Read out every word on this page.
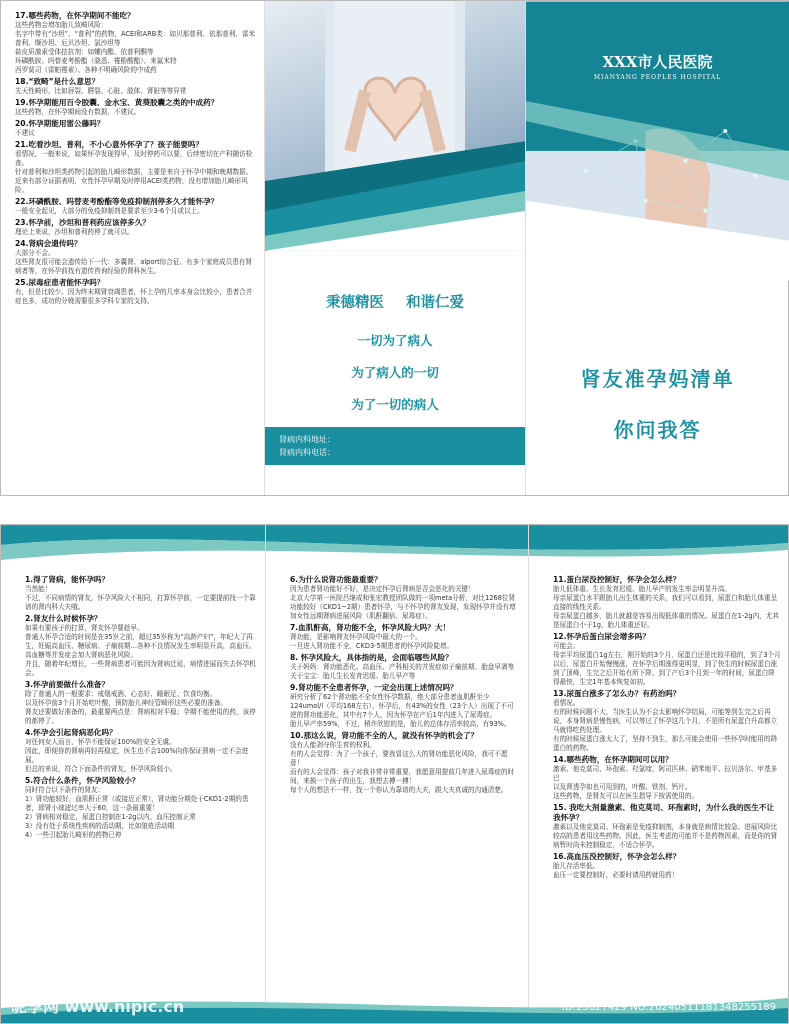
17.哪些药物，在怀孕期间不能吃？
这些药物会增加胎儿致畸风险：
名字中带有“沙坦”、“普利”的药物，ACEI和ARB类：如贝那普利、依那普利、雷米普利、缬沙坦、厄贝沙坦、氯沙坦等
盐皮质激素受体拮抗剂：如螺内酯、依普利酮等
环磷酰胺、吗替麦考酚酯（骁悉、霉酚酸酯）、来氟米特
西罗莫司（雷帕霉素）、各种不明确风险的中成药
18.“致畸”是什么意思？
先天性畸形，比如唇裂、腭裂、心脏、肢体、肾脏等等异常
19.怀孕期能用百令胶囊、金水宝、黄葵胶囊之类的中成药？
这些药物，在怀孕期间没有数据，不建议。
20.怀孕期能用雷公藤吗？
不建议
21.吃着沙坦、普利，不小心意外怀孕了？孩子能要吗？
看情况，一般来说，如果怀孕发现得早，及时停药可以要，后续密切在产科随访检查。
针对普利和沙坦类药物引起的胎儿畸形数据，主要是来自于怀孕中期和晚期数据。
近来有部分证据表明，女性怀孕早期及时停用ACEI类药物，没有增加胎儿畸形风险。
22.环磷酰胺、吗替麦考酚酯等免疫抑制剂停多久才能怀孕？
一般安全起见，大部分的免疫抑制剂是要求至少3-6个月或以上。
23.怀孕前，沙坦和普利药应该停多久？
理论上来说，沙坦和普利药停了就可以。
24.肾病会遗传吗？
大部分不会。
这些肾友很可能会遗传给下一代：多囊肾、alport综合征、有多个家庭成员患有肾病者等，在怀孕前找有遗传咨询经验的肾科医生。
25.尿毒症患者能怀孕吗？
有，但是比较少。因为终末期肾衰竭患者，怀上孕的几率本身会比较小，患者合并症也多，成功的分娩需要很多学科专家的支持。	秉德精医 和谐仁爱
一切为了病人
为了病人的一切
为了一切的病人
肾病内科地址：
肾病内科电话：
XXX市人民医院
MIANYANG PEOPLES HOSPITAL
肾友准孕妈清单
你问我答
1.得了肾病，能怀孕吗？
当然能！
不过，不同病情的肾友，怀孕风险大不相同，打算怀孕前，一定要提前找一个靠谱的肾内科大夫哦。
2.肾友什么时候怀孕？
如果有要孩子的打算，肾友怀孕要趁早。
普通人怀孕合适的时间是在35岁之前，超过35岁称为“高龄产妇”，年纪大了再生，妊娠高血压、糖尿病、子痫前期…各种不良情况发生率明显升高，高血压、高血糖等并发症会加大肾病恶化风险。
并且，随着年纪增长，一些肾病患者可能因为肾病迁延，病情进展而失去怀孕机会。
3.怀孕前要做什么准备？
除了普通人的一般要求：戒烟戒酒、心态好、睡眠足、饮食均衡。
以及怀孕前3个月开始吃叶酸，预防胎儿神经管畸形这些必要的准备。
肾友还要做好准备的，最重要两点是：肾病相对平稳；孕期不能使用的药，该停的都停了。
4.怀孕会引起肾病恶化吗？
对任何女人而言，怀孕不能保证100%的安全无虞。
因此，即便你的肾病再轻再稳定，医生也不会100%向你保证肾病一定不会进展。
但总的来说，符合下面条件的肾友，怀孕风险较小。
5.符合什么条件，怀孕风险较小？
同时符合以下条件的肾友：
1）肾功能较好，血肌酐正常（或接近正常），肾功能分期处于CKD1-2期的患者，即肾小球滤过率大于60，这一条最重要！
2）肾病相对稳定，尿蛋白控制在1-2g以内、血压控制正常
3）没有处于系统性疾病的活动期，比如狼疮活动期
4）一些引起胎儿畸形的药物已停
6.为什么说肾功能最重要？
因为患者肾功能好不好，是决定怀孕后肾病是否会恶化的关键！
北京大学第一医院吕继成和张宏教授团队做的一项meta分析，对比1268位肾功能较好（CKD1~2期）患者怀孕，与不怀孕的肾友发现，发现怀孕并没有增加女性远期肾病进展风险（肌酐翻倍、尿毒症）。
7.血肌酐高，肾功能不全，怀孕风险大吗？大！
肾功能，是影响肾友怀孕风险中最大的一个。
一旦进入肾功能不全，CKD3-5期患者的怀孕风险陡增。
8. 怀孕风险大，具体指的是，会面临哪些风险？
关于妈妈：肾功能恶化、高血压、产科相关的并发症如子痫前期、胎盘早剥等
关于宝宝：胎儿生长发育迟缓、胎儿早产等
9.肾功能不全患者怀孕，一定会出现上述情况吗？
研究分析了62个肾功能不全女性怀孕数据，绝大部分患者血肌酐至少124umol/l（平均168左右），怀孕后，有43%的女性（23个人）出现了不可逆的肾功能恶化，其中有7个人，因为怀孕在产后1年内进入了尿毒症。
胎儿早产率59%，不过，稍许欣慰的是，胎儿的总体存活率较高，有93%。
10.那这么说，肾功能不全的人，就没有怀孕的机会了？
没有人能剥夺你生育的权利。
有的人会觉得：为了一个孩子，要我冒这么大的肾功能恶化风险，我可不愿意！
而有的人会觉得：孩子对我非常非常重要，我愿意用提前几年进入尿毒症的时间，来换一个孩子的出生，我想去搏一搏！
每个人的想法不一样，找一个你认为靠谱的大夫，跟大夫真诚的沟通清楚。
11.蛋白尿没控制好，怀孕会怎么样？
胎儿低体重、生长发育迟缓、胎儿早产的发生率会明显升高。
母亲尿蛋白水平跟胎儿出生体重的关系，我们可以看到，尿蛋白和胎儿体重呈直接的线性关系。
母亲尿蛋白越多，胎儿就越是容易出现低体重的情况。尿蛋白在1-2g内，尤其是尿蛋白小于1g，胎儿体重还好。
12.怀孕后蛋白尿会增多吗？
可能会。
母亲平均尿蛋白1g左右，刚开始的3个月，尿蛋白还是比较平稳的，到了3个月以后，尿蛋白开始慢慢涨，在怀孕后期涨得更明显，到了快生的时候尿蛋白涨到了顶峰，生完之后开始有所下降，到了产后3个月到一年的时间，尿蛋白降得最快，生完1年基本恢复如初。
13.尿蛋白涨多了怎么办？有药治吗？
看情况。
有的时候问题不大，当医生认为不会太影响怀孕结局，可能等到生完之后再说，本身肾病是慢性病，可以等过了怀孕这几个月，不是所有尿蛋白升高都立马就得吃药处理。
有的时候尿蛋白涨太大了，坚持不到生，那么可能会使用一些怀孕时能用的降蛋白的药物。
14.哪些药物，在怀孕期间可以用？
激素、他克莫司、环孢素、羟氯喹、阿司匹林、硝苯地平、拉贝洛尔、甲基多巴
以及肾透孕如也可用到的，叶酸、铁剂、钙片。
这些药物，是肾友可以在医生指导下按需使用的。
15. 我吃大剂量激素、他克莫司、环孢素时，为什么我的医生不让我怀孕？
激素以及他克莫司、环孢素是免疫抑制剂，本身就是病情比较急、进展风险比较高的患者用这些药物。因此，医生考虑的可能并不是药物因素，而是你的肾病暂时尚未控制稳定，不适合怀孕。
16.高血压没控制好，怀孕会怎么样？
胎儿存活率低。
血压一定要控制好，必要时请用药就用药！
昵享网 www.nipic.cn	ID:25627429 NO:20240511181348255189
